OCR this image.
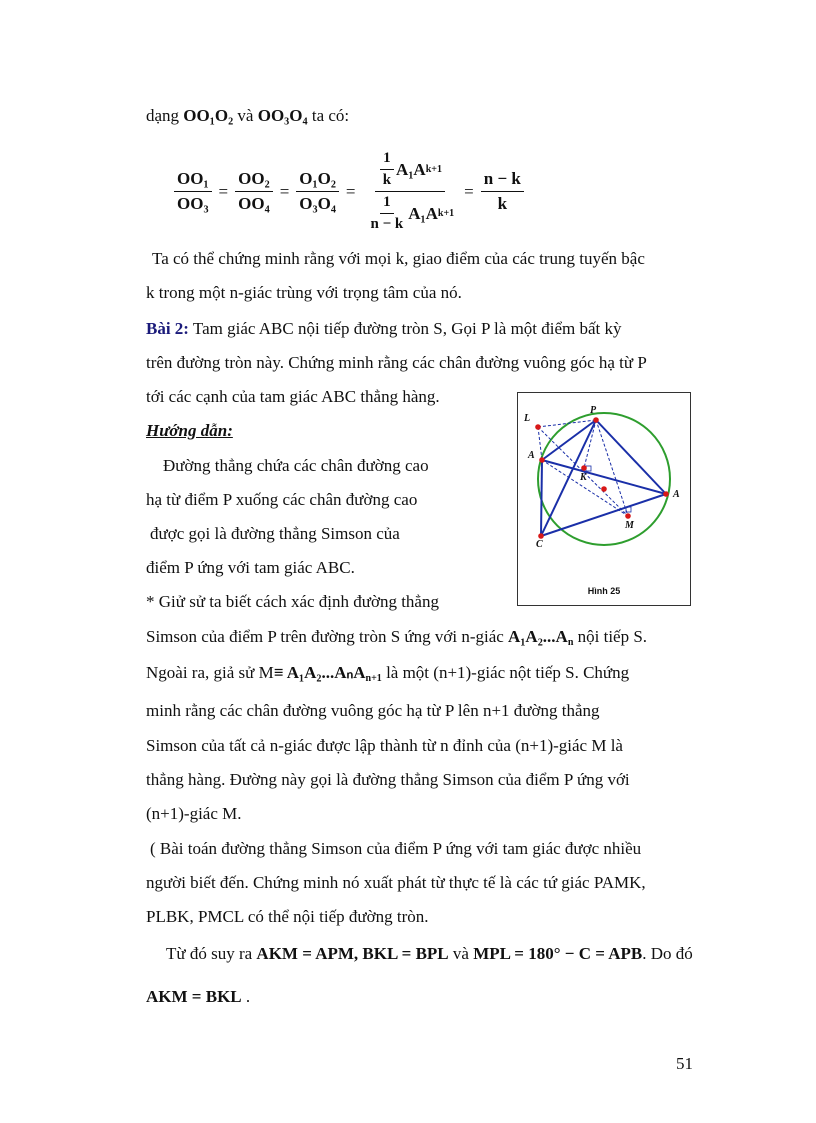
dạng OO₁O₂ và OO₃O₄ ta có:
$\frac{\text{OO₁}}{\text{OO₃}} = \frac{\text{OO₂}}{\text{OO₄}} = \frac{\text{O₁O₂}}{\text{O₃O₄}} = \frac{\frac{1}{k} A_1A k+1}{\frac{1}{n - k} A_1A k+1} = \frac{n - k}{k}$
Ta có thể chứng minh rằng với mọi k, giao điểm của các trung tuyến bậc
k trong một n-giác trùng với trọng tâm của nó.
Bài 2: Tam giác ABC nội tiếp đường tròn S, Gọi P là một điểm bất kỳ
trên đường tròn này. Chứng minh rằng các chân đường vuông góc hạ từ P
tới các cạnh của tam giác ABC thẳng hàng.
Hướng dẫn:
Đường thẳng chứa các chân đường cao
hạ từ điểm P xuống các chân đường cao
được gọi là đường thẳng Simson của
điểm P ứng với tam giác ABC.
* Giử sử ta biết cách xác định đường thẳng
P
L
A
K
A
M
C
Hình 25
Simson của điểm P trên đường tròn S ứng với n-giác $A_1A_2...A_n$ nội tiếp S.
Ngoài ra, giả sử M≡ A₁A₂...AₙA$_{n+1}$ là một (n+1)-giác nột tiếp S. Chứng
minh rằng các chân đường vuông góc hạ từ P lên n+1 đường thẳng
Simson của tất cả n-giác được lập thành từ n đỉnh của (n+1)-giác M là
thẳng hàng. Đường này gọi là đường thẳng Simson của điểm P ứng với
(n+1)-giác M.
( Bài toán đường thẳng Simson của điểm P ứng với tam giác được nhiều
người biết đến. Chứng minh nó xuất phát từ thực tế là các tứ giác PAMK,
PLBK, PMCL có thể nội tiếp đường tròn.
Từ đó suy ra AKM = APM, BKL = BPL và MPL = 180° − C = APB. Do đó
AKM = BKL .
51
